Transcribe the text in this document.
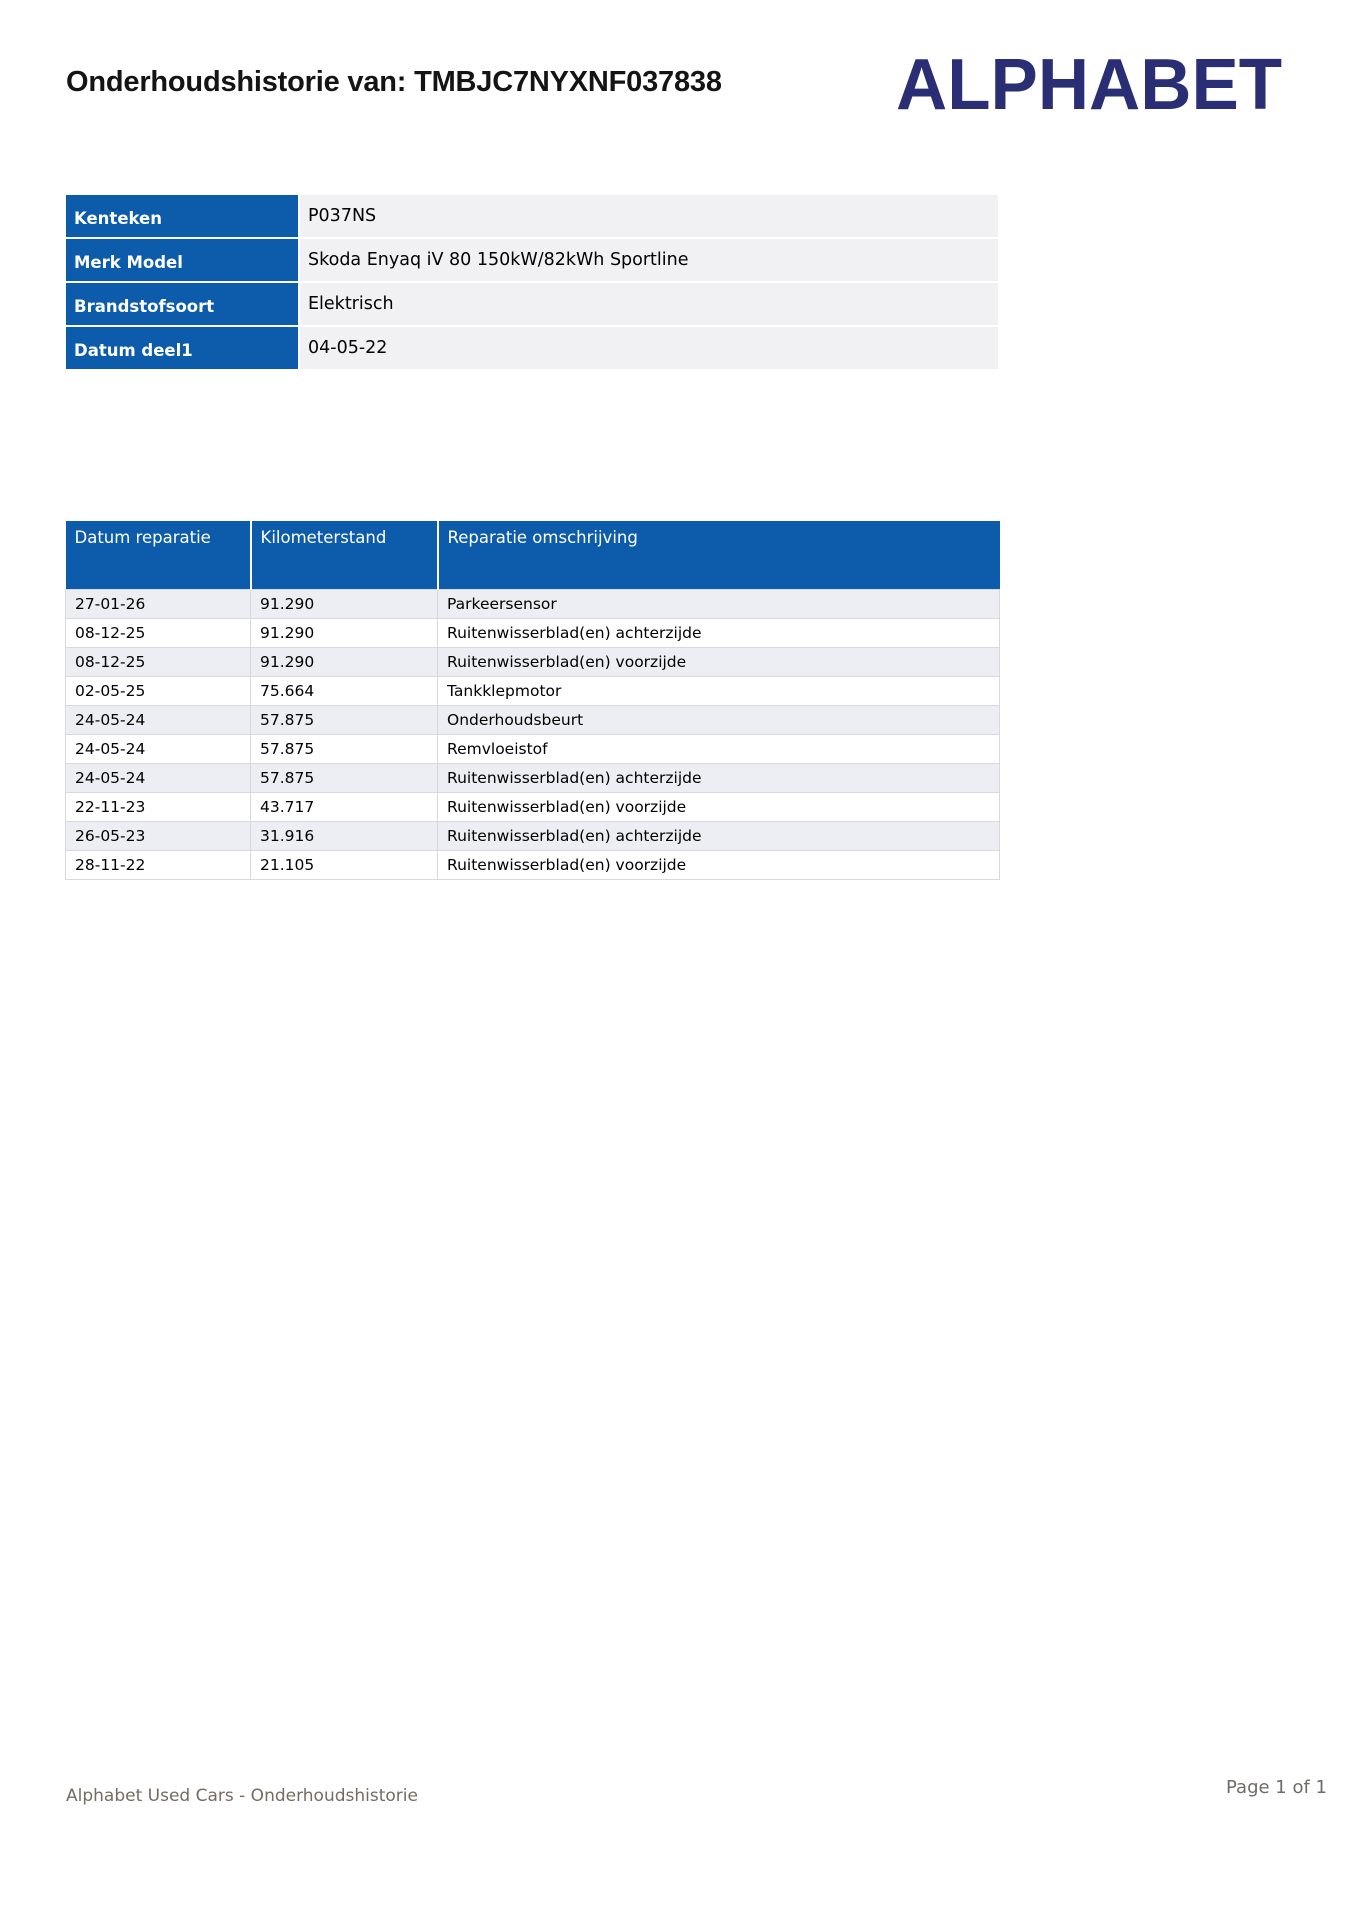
Onderhoudshistorie van: TMBJC7NYXNF037838 ALPHABET
Kenteken	P037NS
Merk Model	Skoda Enyaq iV 80 150kW/82kWh Sportline
Brandstofsoort	Elektrisch
Datum deel1	04-05-22
Datum reparatie	Kilometerstand	Reparatie omschrijving
27-01-26	91.290	Parkeersensor
08-12-25	91.290	Ruitenwisserblad(en) achterzijde
08-12-25	91.290	Ruitenwisserblad(en) voorzijde
02-05-25	75.664	Tankklepmotor
24-05-24	57.875	Onderhoudsbeurt
24-05-24	57.875	Remvloeistof
24-05-24	57.875	Ruitenwisserblad(en) achterzijde
22-11-23	43.717	Ruitenwisserblad(en) voorzijde
26-05-23	31.916	Ruitenwisserblad(en) achterzijde
28-11-22	21.105	Ruitenwisserblad(en) voorzijde
Alphabet Used Cars - Onderhoudshistorie	Page 1 of 1
